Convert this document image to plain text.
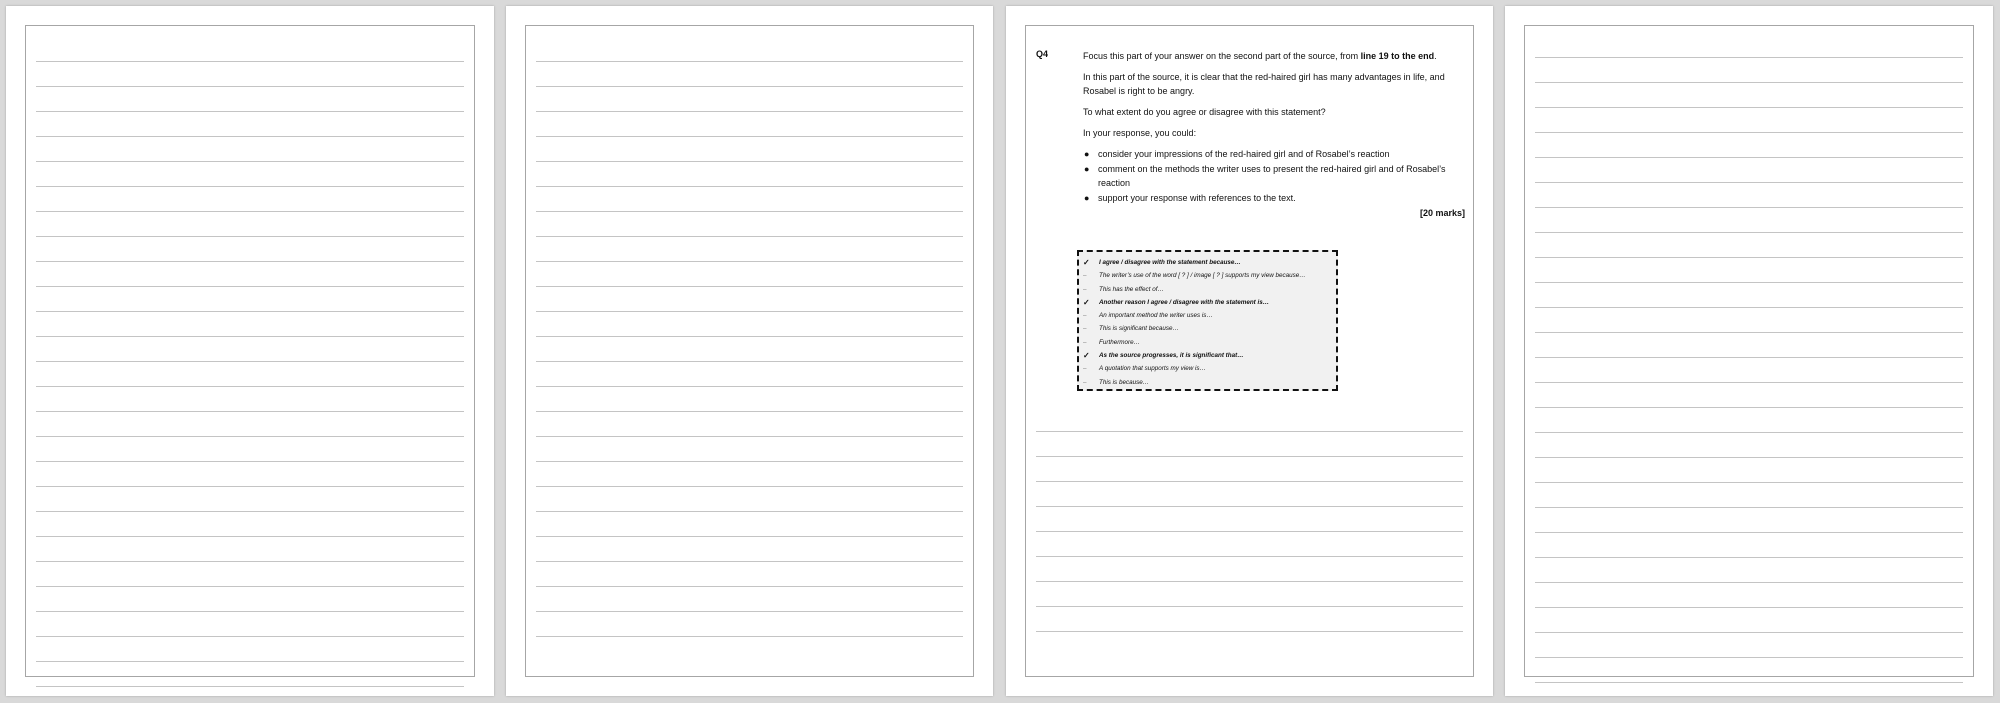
Q4	Focus this part of your answer on the second part of the source, from line 19 to the end.

In this part of the source, it is clear that the red-haired girl has many advantages in life, and Rosabel is right to be angry.

To what extent do you agree or disagree with this statement?

In your response, you could:

● consider your impressions of the red-haired girl and of Rosabel’s reaction
● comment on the methods the writer uses to present the red-haired girl and of Rosabel’s reaction
● support your response with references to the text.
[20 marks]
✓	I agree / disagree with the statement because…
–	The writer’s use of the word [ ? ] / image [ ? ] supports my view because…
–	This has the effect of…
✓	Another reason I agree / disagree with the statement is…
–	An important method the writer uses is…
–	This is significant because…
–	Furthermore…
✓	As the source progresses, it is significant that…
–	A quotation that supports my view is…
–	This is because…
